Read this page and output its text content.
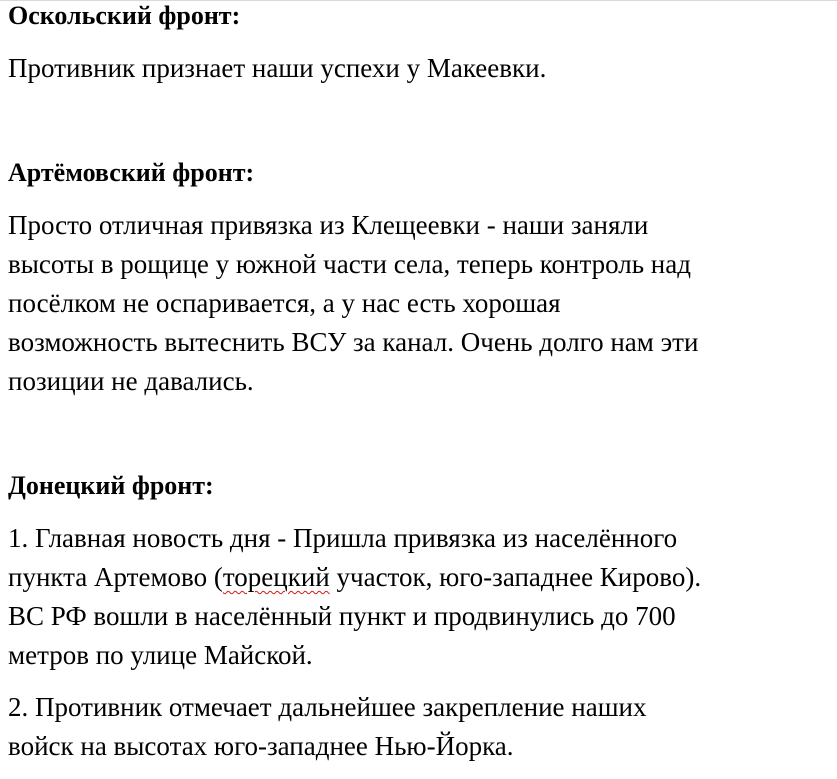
Оскольский фронт:

Противник признает наши успехи у Макеевки.

Артёмовский фронт:

Просто отличная привязка из Клещеевки - наши заняли
высоты в рощице у южной части села, теперь контроль над
посёлком не оспаривается, а у нас есть хорошая
возможность вытеснить ВСУ за канал. Очень долго нам эти
позиции не давались.

Донецкий фронт:

1. Главная новость дня - Пришла привязка из населённого
пункта Артемово (торецкий участок, юго-западнее Кирово).
ВС РФ вошли в населённый пункт и продвинулись до 700
метров по улице Майской.

2. Противник отмечает дальнейшее закрепление наших
войск на высотах юго-западнее Нью-Йорка.
